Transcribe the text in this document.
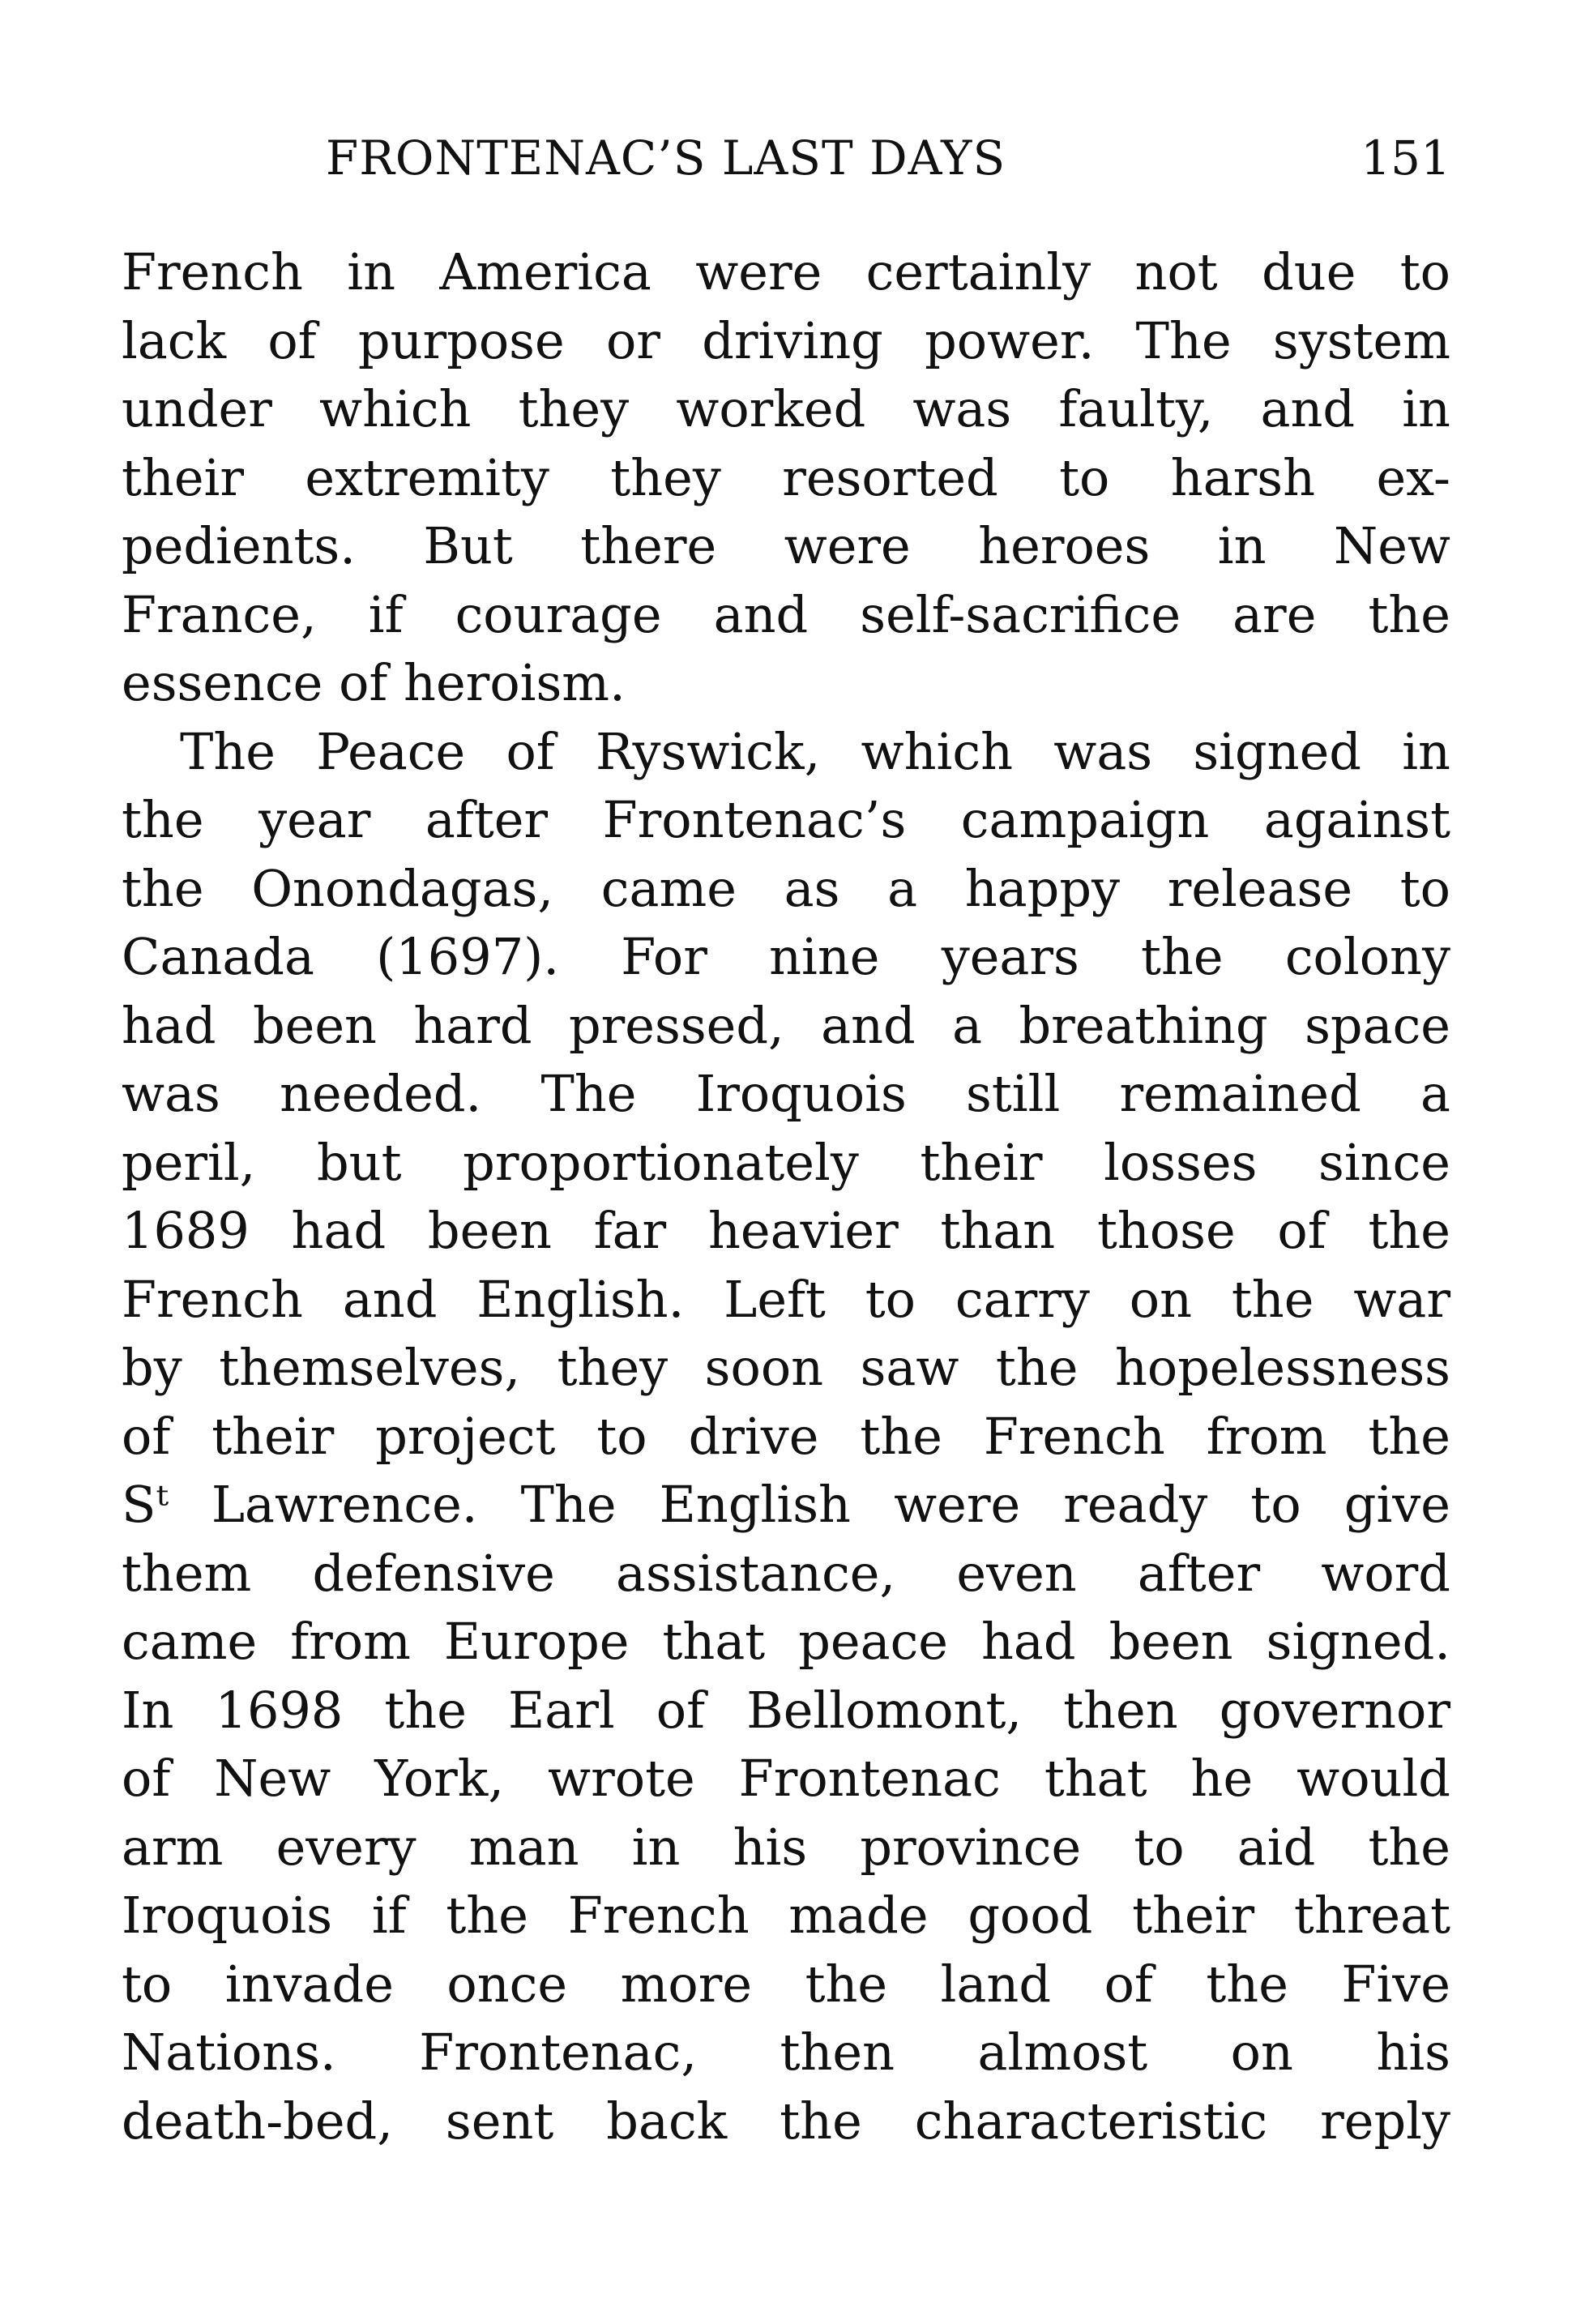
FRONTENAC’S LAST DAYS	151
French in America were certainly not due to
lack of purpose or driving power. The system
under which they worked was faulty, and in
their extremity they resorted to harsh ex-
pedients. But there were heroes in New
France, if courage and self-sacrifice are the
essence of heroism.
The Peace of Ryswick, which was signed in
the year after Frontenac’s campaign against
the Onondagas, came as a happy release to
Canada (1697). For nine years the colony
had been hard pressed, and a breathing space
was needed. The Iroquois still remained a
peril, but proportionately their losses since
1689 had been far heavier than those of the
French and English. Left to carry on the war
by themselves, they soon saw the hopelessness
of their project to drive the French from the
Sᵗ Lawrence. The English were ready to give
them defensive assistance, even after word
came from Europe that peace had been signed.
In 1698 the Earl of Bellomont, then governor
of New York, wrote Frontenac that he would
arm every man in his province to aid the
Iroquois if the French made good their threat
to invade once more the land of the Five
Nations. Frontenac, then almost on his
death-bed, sent back the characteristic reply
